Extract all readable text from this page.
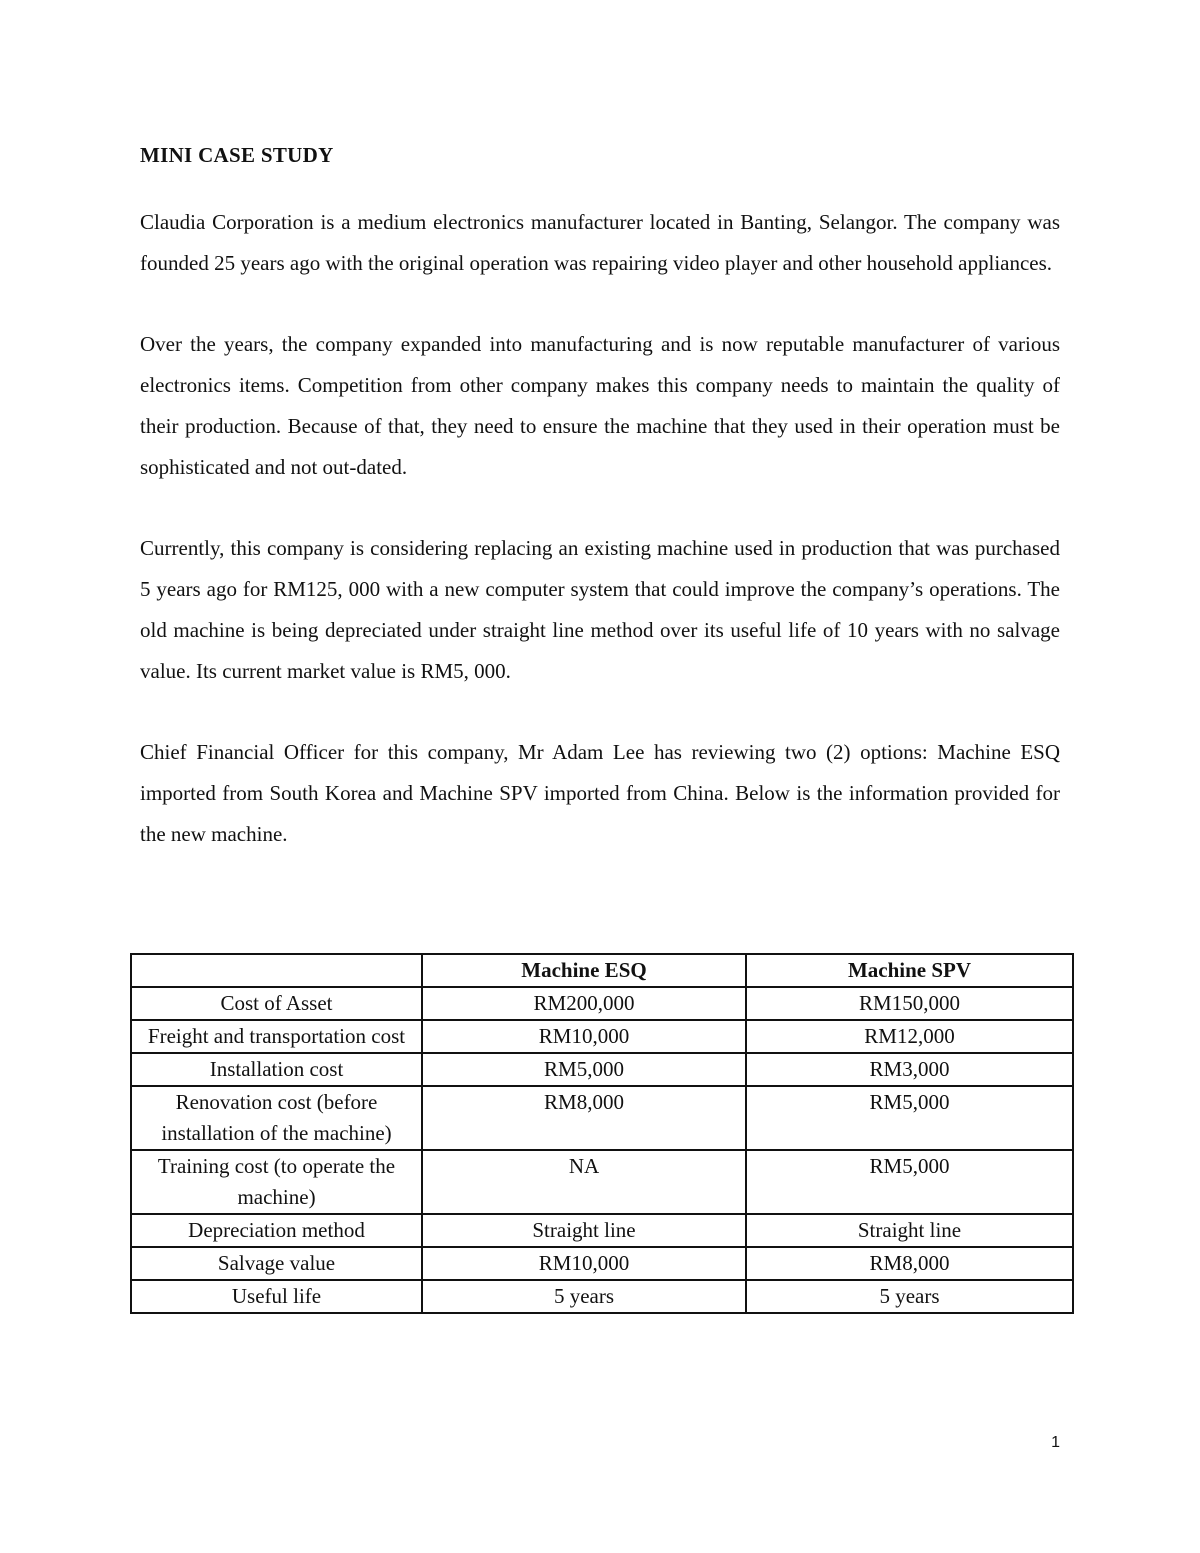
MINI CASE STUDY

Claudia Corporation is a medium electronics manufacturer located in Banting, Selangor. The company was founded 25 years ago with the original operation was repairing video player and other household appliances.

Over the years, the company expanded into manufacturing and is now reputable manufacturer of various electronics items. Competition from other company makes this company needs to maintain the quality of their production. Because of that, they need to ensure the machine that they used in their operation must be sophisticated and not out-dated.

Currently, this company is considering replacing an existing machine used in production that was purchased 5 years ago for RM125, 000 with a new computer system that could improve the company’s operations. The old machine is being depreciated under straight line method over its useful life of 10 years with no salvage value. Its current market value is RM5, 000.

Chief Financial Officer for this company, Mr Adam Lee has reviewing two (2) options: Machine ESQ imported from South Korea and Machine SPV imported from China. Below is the information provided for the new machine.

	Machine ESQ	Machine SPV
Cost of Asset	RM200,000	RM150,000
Freight and transportation cost	RM10,000	RM12,000
Installation cost	RM5,000	RM3,000
Renovation cost (before installation of the machine)	RM8,000	RM5,000
Training cost (to operate the machine)	NA	RM5,000
Depreciation method	Straight line	Straight line
Salvage value	RM10,000	RM8,000
Useful life	5 years	5 years
1
